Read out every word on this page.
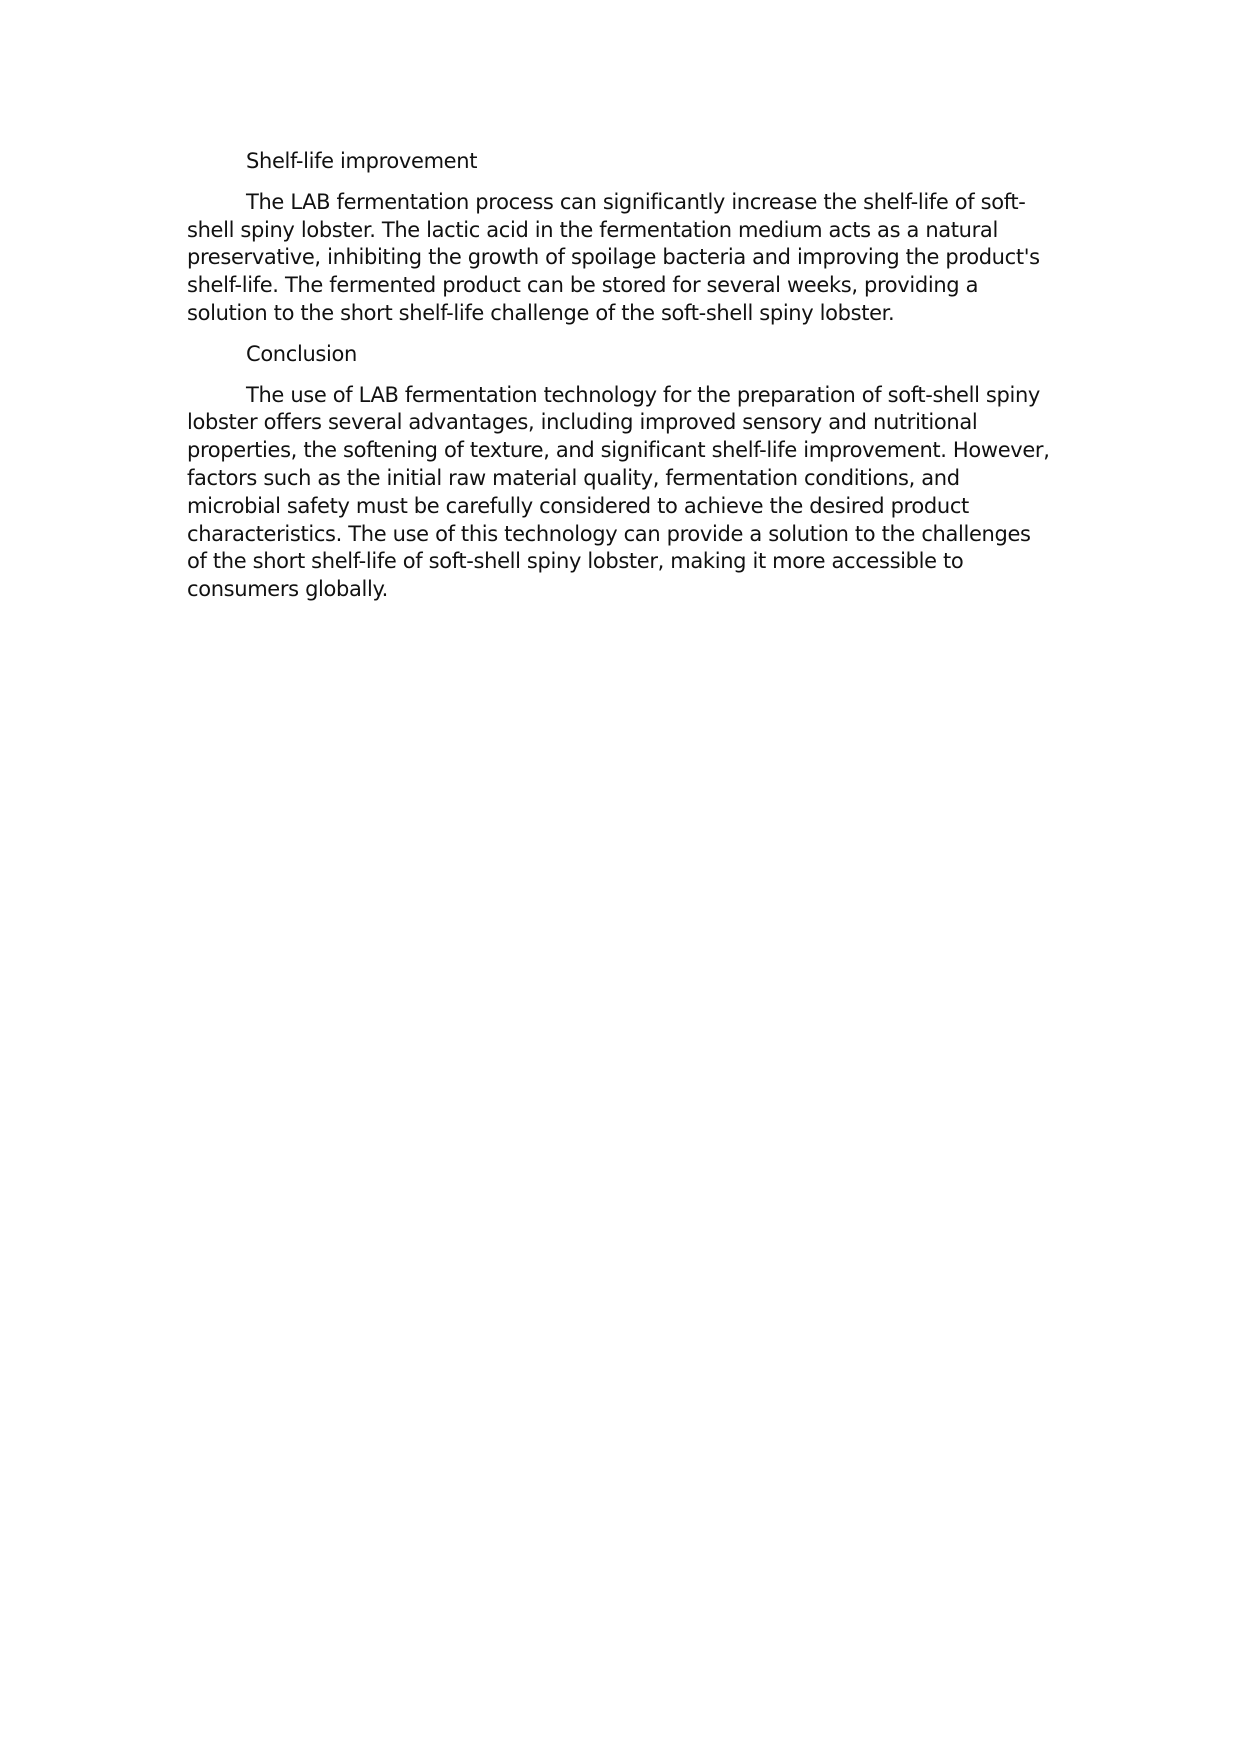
Shelf-life improvement

The LAB fermentation process can significantly increase the shelf-life of soft-shell spiny lobster. The lactic acid in the fermentation medium acts as a natural preservative, inhibiting the growth of spoilage bacteria and improving the product's shelf-life. The fermented product can be stored for several weeks, providing a solution to the short shelf-life challenge of the soft-shell spiny lobster.

Conclusion

The use of LAB fermentation technology for the preparation of soft-shell spiny lobster offers several advantages, including improved sensory and nutritional properties, the softening of texture, and significant shelf-life improvement. However, factors such as the initial raw material quality, fermentation conditions, and microbial safety must be carefully considered to achieve the desired product characteristics. The use of this technology can provide a solution to the challenges of the short shelf-life of soft-shell spiny lobster, making it more accessible to consumers globally.
